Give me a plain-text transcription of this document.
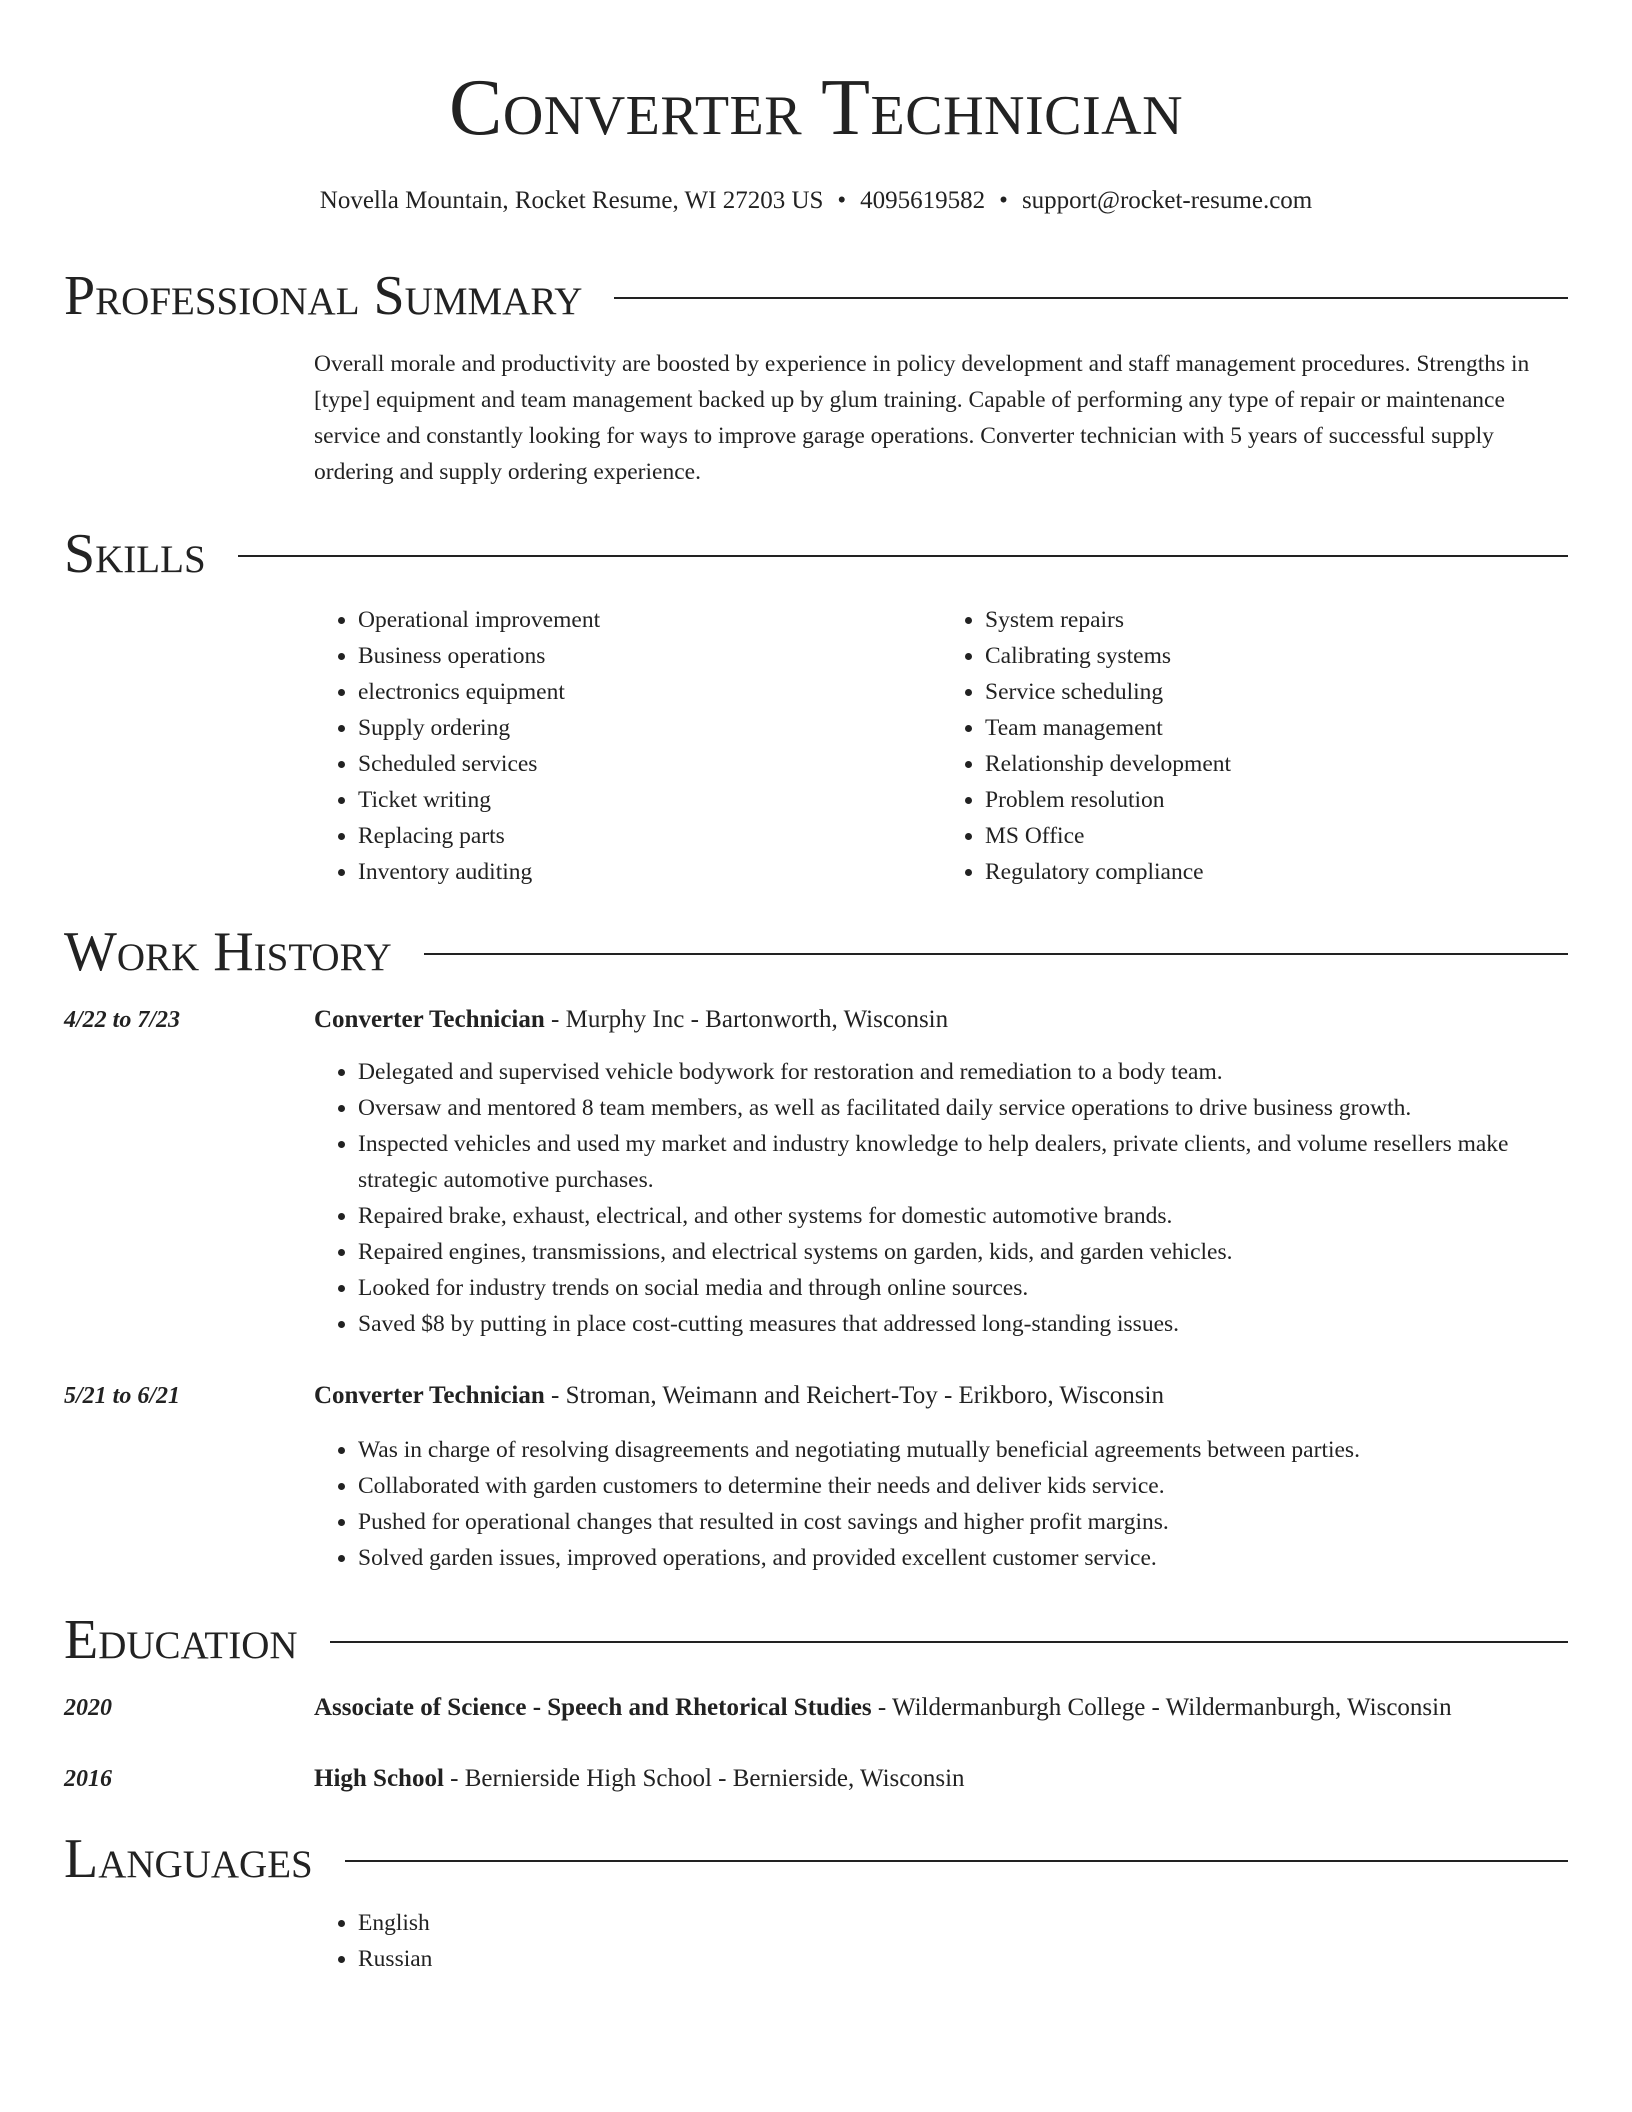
Converter Technician
Novella Mountain, Rocket Resume, WI 27203 US • 4095619582 • support@rocket-resume.com
Professional Summary
Overall morale and productivity are boosted by experience in policy development and staff management procedures. Strengths in [type] equipment and team management backed up by glum training. Capable of performing any type of repair or maintenance service and constantly looking for ways to improve garage operations. Converter technician with 5 years of successful supply ordering and supply ordering experience.
Skills
• Operational improvement
• Business operations
• electronics equipment
• Supply ordering
• Scheduled services
• Ticket writing
• Replacing parts
• Inventory auditing
• System repairs
• Calibrating systems
• Service scheduling
• Team management
• Relationship development
• Problem resolution
• MS Office
• Regulatory compliance
Work History
4/22 to 7/23	Converter Technician - Murphy Inc - Bartonworth, Wisconsin
• Delegated and supervised vehicle bodywork for restoration and remediation to a body team.
• Oversaw and mentored 8 team members, as well as facilitated daily service operations to drive business growth.
• Inspected vehicles and used my market and industry knowledge to help dealers, private clients, and volume resellers make strategic automotive purchases.
• Repaired brake, exhaust, electrical, and other systems for domestic automotive brands.
• Repaired engines, transmissions, and electrical systems on garden, kids, and garden vehicles.
• Looked for industry trends on social media and through online sources.
• Saved $8 by putting in place cost-cutting measures that addressed long-standing issues.
5/21 to 6/21	Converter Technician - Stroman, Weimann and Reichert-Toy - Erikboro, Wisconsin
• Was in charge of resolving disagreements and negotiating mutually beneficial agreements between parties.
• Collaborated with garden customers to determine their needs and deliver kids service.
• Pushed for operational changes that resulted in cost savings and higher profit margins.
• Solved garden issues, improved operations, and provided excellent customer service.
Education
2020	Associate of Science - Speech and Rhetorical Studies - Wildermanburgh College - Wildermanburgh, Wisconsin
2016	High School - Bernierside High School - Bernierside, Wisconsin
Languages
• English
• Russian
